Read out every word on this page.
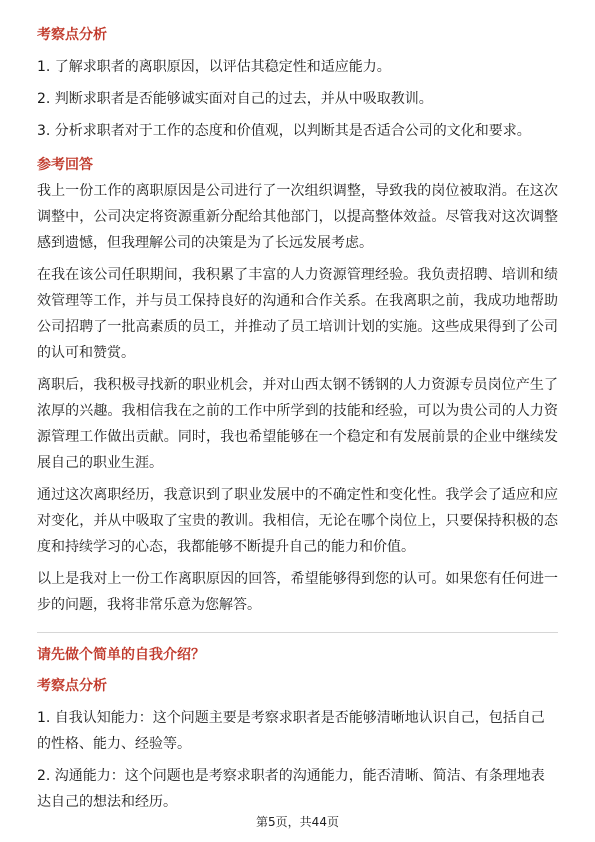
考察点分析

1. 了解求职者的离职原因，以评估其稳定性和适应能力。

2. 判断求职者是否能够诚实面对自己的过去，并从中吸取教训。

3. 分析求职者对于工作的态度和价值观，以判断其是否适合公司的文化和要求。

参考回答

我上一份工作的离职原因是公司进行了一次组织调整，导致我的岗位被取消。在这次调整中，公司决定将资源重新分配给其他部门，以提高整体效益。尽管我对这次调整感到遗憾，但我理解公司的决策是为了长远发展考虑。

在我在该公司任职期间，我积累了丰富的人力资源管理经验。我负责招聘、培训和绩效管理等工作，并与员工保持良好的沟通和合作关系。在我离职之前，我成功地帮助公司招聘了一批高素质的员工，并推动了员工培训计划的实施。这些成果得到了公司的认可和赞赏。

离职后，我积极寻找新的职业机会，并对山西太钢不锈钢的人力资源专员岗位产生了浓厚的兴趣。我相信我在之前的工作中所学到的技能和经验，可以为贵公司的人力资源管理工作做出贡献。同时，我也希望能够在一个稳定和有发展前景的企业中继续发展自己的职业生涯。

通过这次离职经历，我意识到了职业发展中的不确定性和变化性。我学会了适应和应对变化，并从中吸取了宝贵的教训。我相信，无论在哪个岗位上，只要保持积极的态度和持续学习的心态，我都能够不断提升自己的能力和价值。

以上是我对上一份工作离职原因的回答，希望能够得到您的认可。如果您有任何进一步的问题，我将非常乐意为您解答。

请先做个简单的自我介绍？

考察点分析

1. 自我认知能力：这个问题主要是考察求职者是否能够清晰地认识自己，包括自己的性格、能力、经验等。

2. 沟通能力：这个问题也是考察求职者的沟通能力，能否清晰、简洁、有条理地表达自己的想法和经历。

第5页，共44页
